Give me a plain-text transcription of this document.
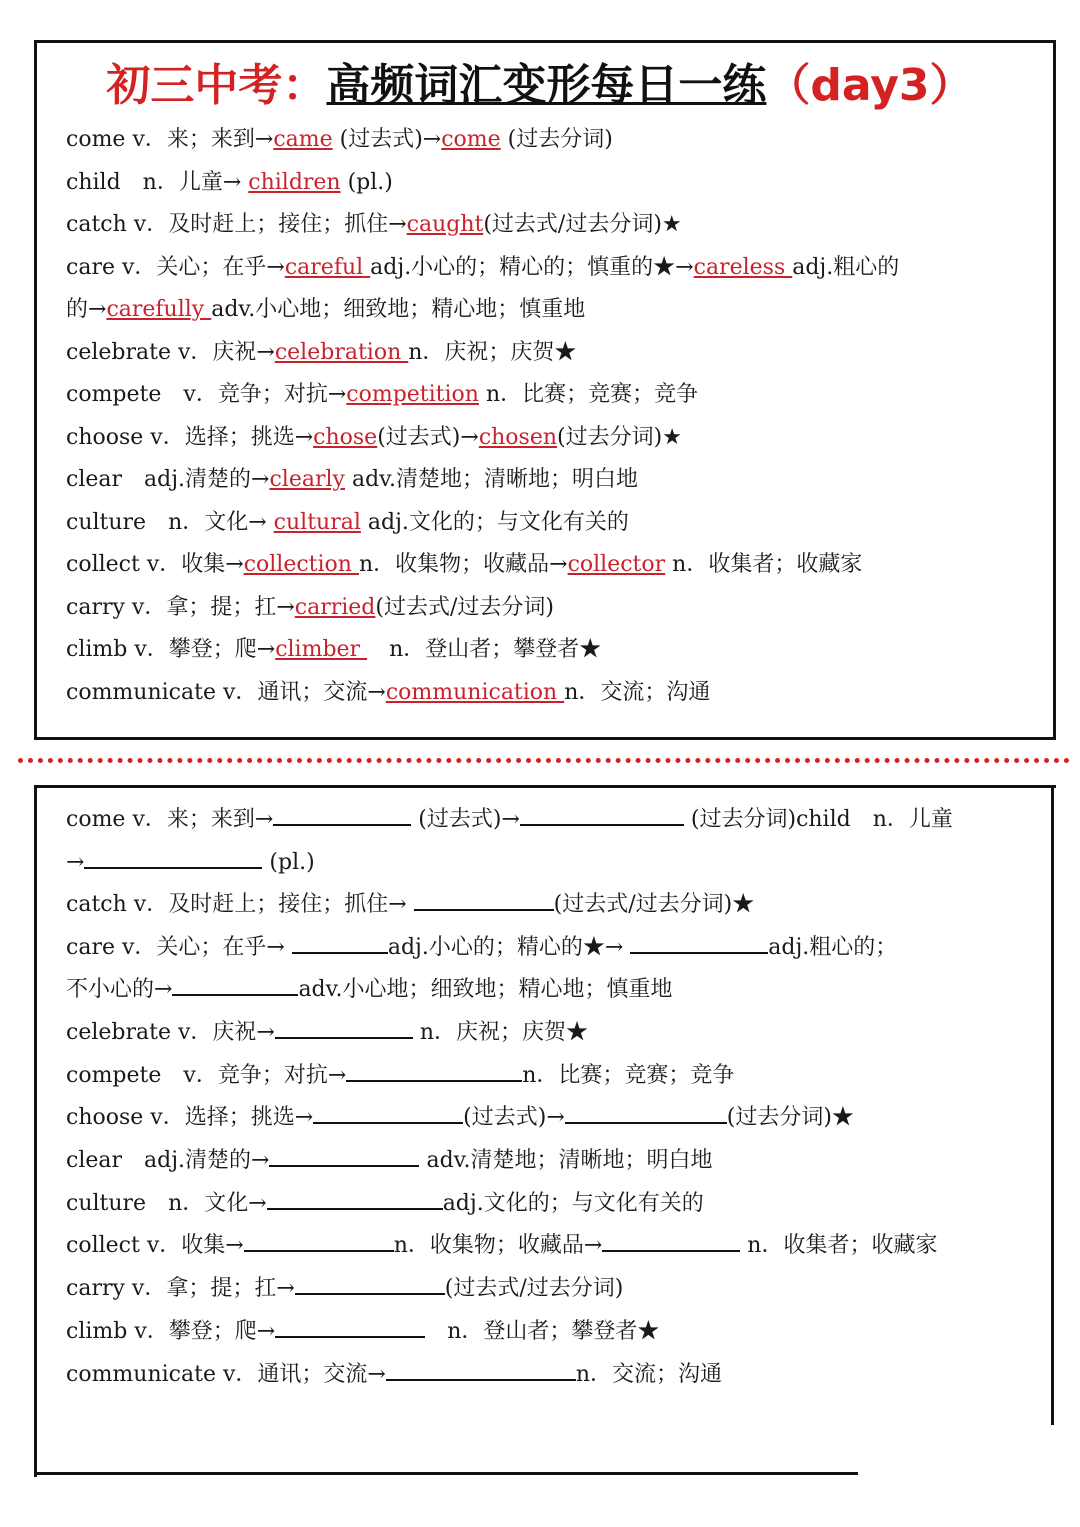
初三中考：高频词汇变形每日一练（day3）
come v．来；来到→came (过去式)→come (过去分词)
child　n．儿童→ children (pl.)
catch v．及时赶上；接住；抓住→caught(过去式/过去分词)★
care v．关心；在乎→careful adj.小心的；精心的；慎重的★→careless adj.粗心的
的→carefully adv.小心地；细致地；精心地；慎重地
celebrate v．庆祝→celebration n．庆祝；庆贺★
compete　v．竞争；对抗→competition n．比赛；竞赛；竞争
choose v．选择；挑选→chose(过去式)→chosen(过去分词)★
clear　adj.清楚的→clearly adv.清楚地；清晰地；明白地
culture　n．文化→ cultural adj.文化的；与文化有关的
collect v．收集→collection n．收集物；收藏品→collector n．收集者；收藏家
carry v．拿；提；扛→carried(过去式/过去分词)
climb v．攀登；爬→climber 　n．登山者；攀登者★
communicate v．通讯；交流→communication n．交流；沟通
come v．来；来到→	(过去式)→	(过去分词)child　n．儿童
→	(pl.)
catch v．及时赶上；接住；抓住→	(过去式/过去分词)★
care v．关心；在乎→	adj.小心的；精心的★→	adj.粗心的；
不小心的→	adv.小心地；细致地；精心地；慎重地
celebrate v．庆祝→	n．庆祝；庆贺★
compete　v．竞争；对抗→	n．比赛；竞赛；竞争
choose v．选择；挑选→	(过去式)→	(过去分词)★
clear　adj.清楚的→	adv.清楚地；清晰地；明白地
culture　n．文化→	adj.文化的；与文化有关的
collect v．收集→	n．收集物；收藏品→	n．收集者；收藏家
carry v．拿；提；扛→	(过去式/过去分词)
climb v．攀登；爬→	　n．登山者；攀登者★
communicate v．通讯；交流→	n．交流；沟通
